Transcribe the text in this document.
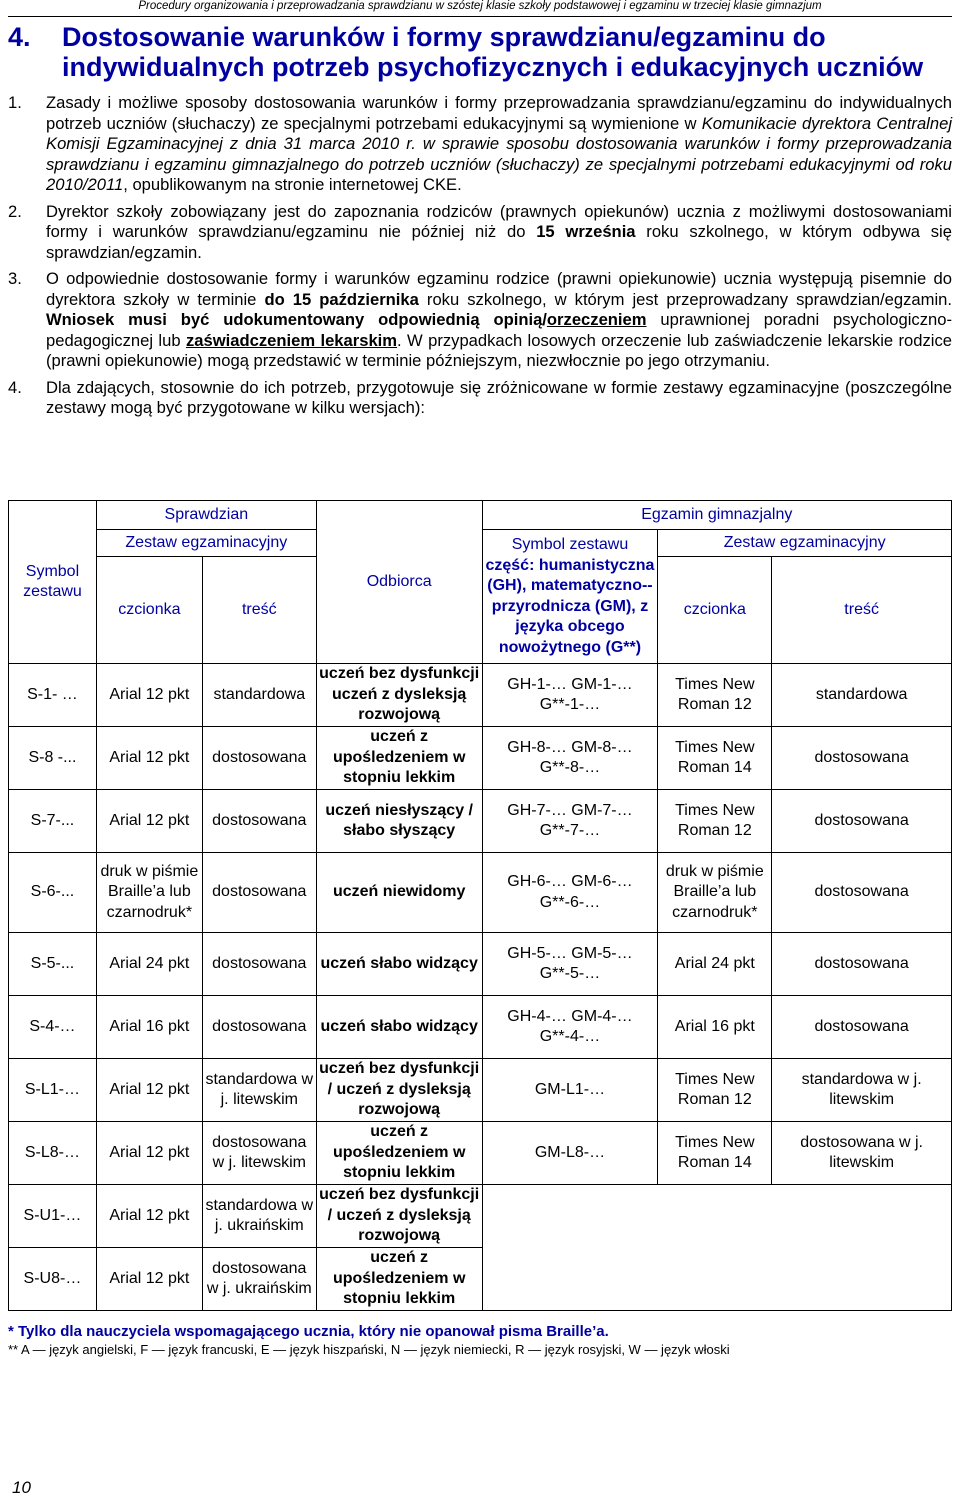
Procedury organizowania i przeprowadzania sprawdzianu w szóstej klasie szkoły podstawowej i egzaminu w trzeciej klasie gimnazjum
4. Dostosowanie warunków i formy sprawdzianu/egzaminu do
indywidualnych potrzeb psychofizycznych i edukacyjnych uczniów

1. Zasady i możliwe sposoby dostosowania warunków i formy przeprowadzania sprawdzianu/egzaminu do indywidualnych potrzeb uczniów (słuchaczy) ze specjalnymi potrzebami edukacyjnymi są wymienione w Komunikacie dyrektora Centralnej Komisji Egzaminacyjnej z dnia 31 marca 2010 r. w sprawie sposobu dostosowania warunków i formy przeprowadzania sprawdzianu i egzaminu gimnazjalnego do potrzeb uczniów (słuchaczy) ze specjalnymi potrzebami edukacyjnymi od roku 2010/2011, opublikowanym na stronie internetowej CKE.

2. Dyrektor szkoły zobowiązany jest do zapoznania rodziców (prawnych opiekunów) ucznia z możliwymi dostosowaniami formy i warunków sprawdzianu/egzaminu nie później niż do 15 września roku szkolnego, w którym odbywa się sprawdzian/egzamin.

3. O odpowiednie dostosowanie formy i warunków egzaminu rodzice (prawni opiekunowie) ucznia występują pisemnie do dyrektora szkoły w terminie do 15 października roku szkolnego, w którym jest przeprowadzany sprawdzian/egzamin. Wniosek musi być udokumentowany odpowiednią opinią/orzeczeniem uprawnionej poradni psychologiczno-pedagogicznej lub zaświadczeniem lekarskim. W przypadkach losowych orzeczenie lub zaświadczenie lekarskie rodzice (prawni opiekunowie) mogą przedstawić w terminie późniejszym, niezwłocznie po jego otrzymaniu.

4. Dla zdających, stosownie do ich potrzeb, przygotowuje się zróżnicowane w formie zestawy egzaminacyjne (poszczególne zestawy mogą być przygotowane w kilku wersjach):

Symbol zestawu	Sprawdzian		Odbiorca	Egzamin gimnazjalny		
	Zestaw egzaminacyjny			Symbol zestawu
część: humanistyczna (GH), matematyczno--przyrodnicza (GM), z języka obcego nowożytnego (G**)	Zestaw egzaminacyjny	
	czcionka	treść			czcionka	treść
S-1- …	Arial 12 pkt	standardowa	uczeń bez dysfunkcji uczeń z dysleksją rozwojową	GH-1-… GM-1-… G**-1-…	Times New Roman 12	standardowa
S-8 -...	Arial 12 pkt	dostosowana	uczeń z upośledzeniem w stopniu lekkim	GH-8-… GM-8-… G**-8-…	Times New Roman 14	dostosowana
S-7-...	Arial 12 pkt	dostosowana	uczeń niesłyszący / słabo słyszący	GH-7-… GM-7-… G**-7-…	Times New Roman 12	dostosowana
S-6-...	druk w piśmie Braille’a lub czarnodruk*	dostosowana	uczeń niewidomy	GH-6-… GM-6-… G**-6-…	druk w piśmie Braille’a lub czarnodruk*	dostosowana
S-5-...	Arial 24 pkt	dostosowana	uczeń słabo widzący	GH-5-… GM-5-… G**-5-…	Arial 24 pkt	dostosowana
S-4-…	Arial 16 pkt	dostosowana	uczeń słabo widzący	GH-4-… GM-4-… G**-4-…	Arial 16 pkt	dostosowana
S-L1-…	Arial 12 pkt	standardowa w j. litewskim	uczeń bez dysfunkcji / uczeń z dysleksją rozwojową	GM-L1-…	Times New Roman 12	standardowa w j. litewskim
S-L8-…	Arial 12 pkt	dostosowana w j. litewskim	uczeń z upośledzeniem w stopniu lekkim	GM-L8-…	Times New Roman 14	dostosowana w j. litewskim
S-U1-…	Arial 12 pkt	standardowa w j. ukraińskim	uczeń bez dysfunkcji / uczeń z dysleksją rozwojową			
S-U8-…	Arial 12 pkt	dostosowana w j. ukraińskim	uczeń z upośledzeniem w stopniu lekkim			
* Tylko dla nauczyciela wspomagającego ucznia, który nie opanował pisma Braille’a.
** A — język angielski, F — język francuski, E — język hiszpański, N — język niemiecki, R — język rosyjski, W — język włoski
10
